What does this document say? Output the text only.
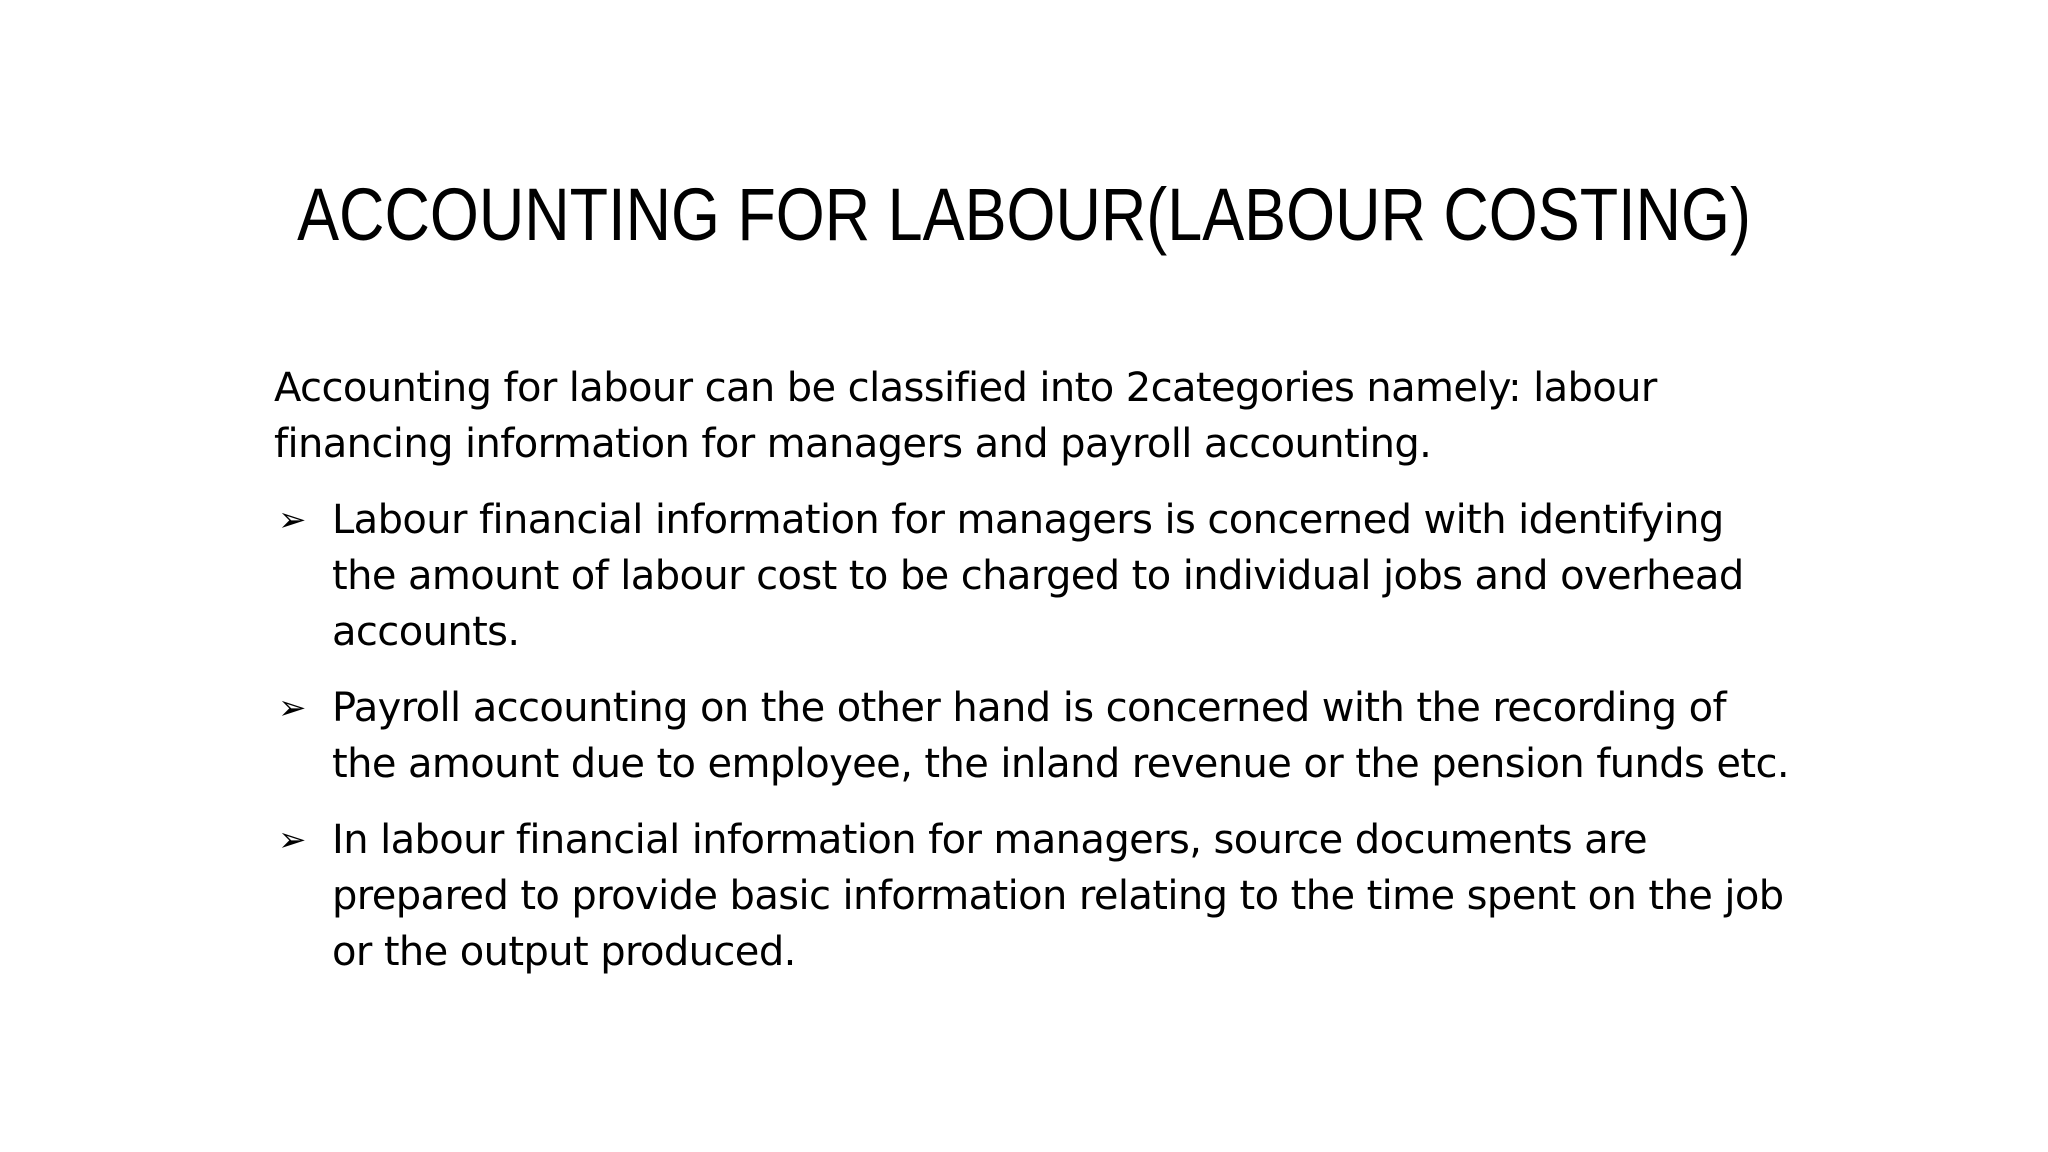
ACCOUNTING FOR LABOUR(LABOUR COSTING)

Accounting for labour can be classified into 2categories namely: labour financing information for managers and payroll accounting.

➢ Labour financial information for managers is concerned with identifying the amount of labour cost to be charged to individual jobs and overhead accounts.
➢ Payroll accounting on the other hand is concerned with the recording of the amount due to employee, the inland revenue or the pension funds etc.
➢ In labour financial information for managers, source documents are prepared to provide basic information relating to the time spent on the job or the output produced.
